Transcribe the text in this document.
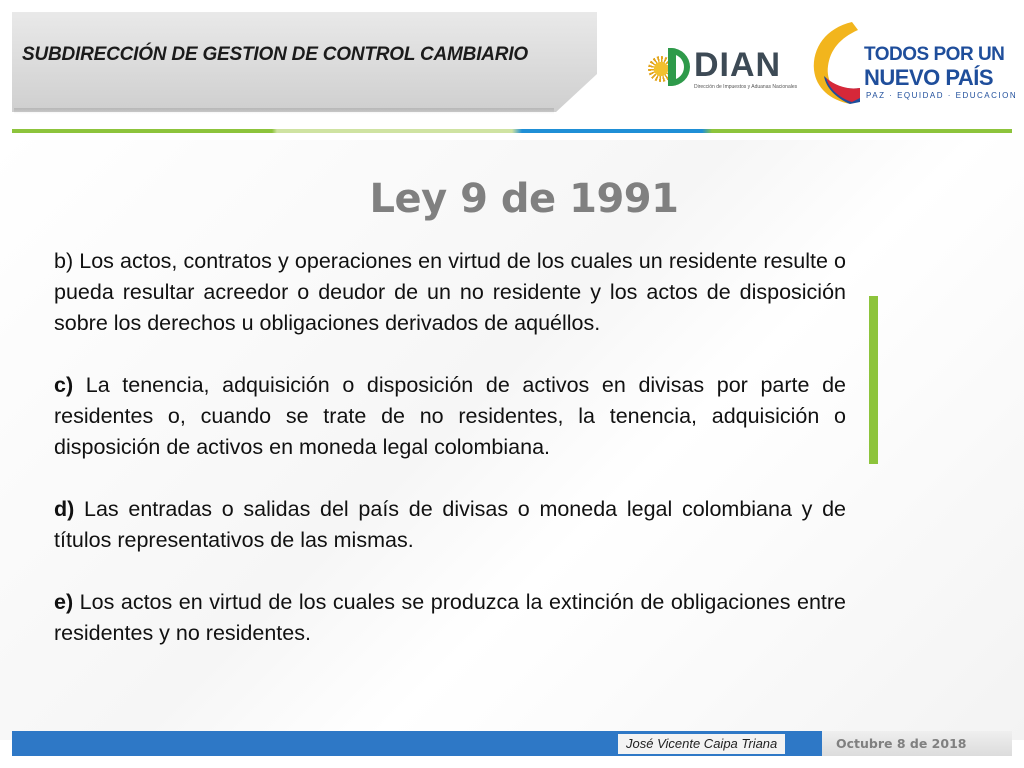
SUBDIRECCIÓN DE GESTION DE CONTROL CAMBIARIO	DIAN

Dirección de Impuestos y Aduanas Nacionales

TODOS POR UN

NUEVO PAÍS

PAZ · EQUIDAD · EDUCACION

Ley 9 de 1991

b) Los actos, contratos y operaciones en virtud de los cuales un residente resulte o pueda resultar acreedor o deudor de un no residente y los actos de disposición sobre los derechos u obligaciones derivados de aquéllos.

c) La tenencia, adquisición o disposición de activos en divisas por parte de residentes o, cuando se trate de no residentes, la tenencia, adquisición o disposición de activos en moneda legal colombiana.

d) Las entradas o salidas del país de divisas o moneda legal colombiana y de títulos representativos de las mismas.

e) Los actos en virtud de los cuales se produzca la extinción de obligaciones entre residentes y no residentes.

José Vicente Caipa Triana	Octubre 8 de 2018
